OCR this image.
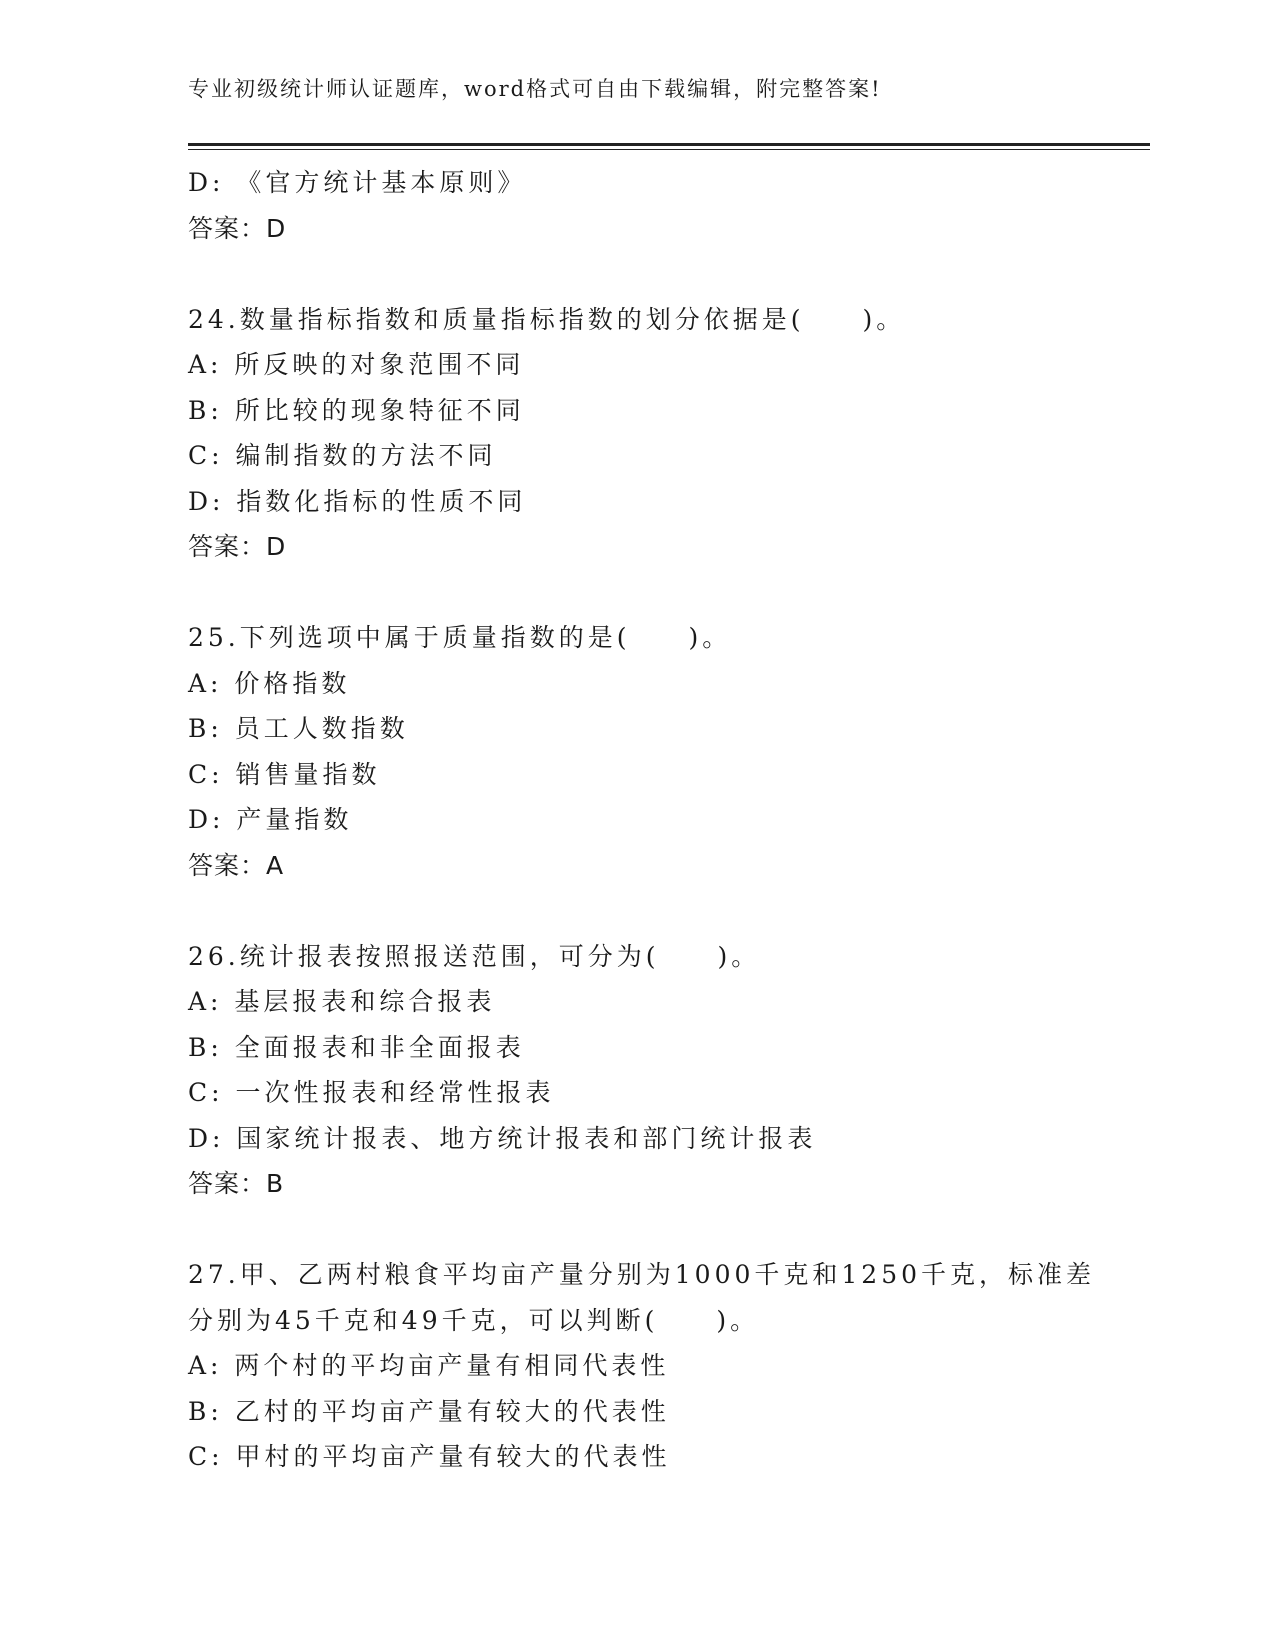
专业初级统计师认证题库，word格式可自由下载编辑，附完整答案!
D: 《官方统计基本原则》
答案：D
24.数量指标指数和质量指标指数的划分依据是(　　)。
A: 所反映的对象范围不同
B: 所比较的现象特征不同
C: 编制指数的方法不同
D: 指数化指标的性质不同
答案：D
25.下列选项中属于质量指数的是(　　)。
A: 价格指数
B: 员工人数指数
C: 销售量指数
D: 产量指数
答案：A
26.统计报表按照报送范围，可分为(　　)。
A: 基层报表和综合报表
B: 全面报表和非全面报表
C: 一次性报表和经常性报表
D: 国家统计报表、地方统计报表和部门统计报表
答案：B
27.甲、乙两村粮食平均亩产量分别为1000千克和1250千克，标准差
分别为45千克和49千克，可以判断(　　)。
A: 两个村的平均亩产量有相同代表性
B: 乙村的平均亩产量有较大的代表性
C: 甲村的平均亩产量有较大的代表性
